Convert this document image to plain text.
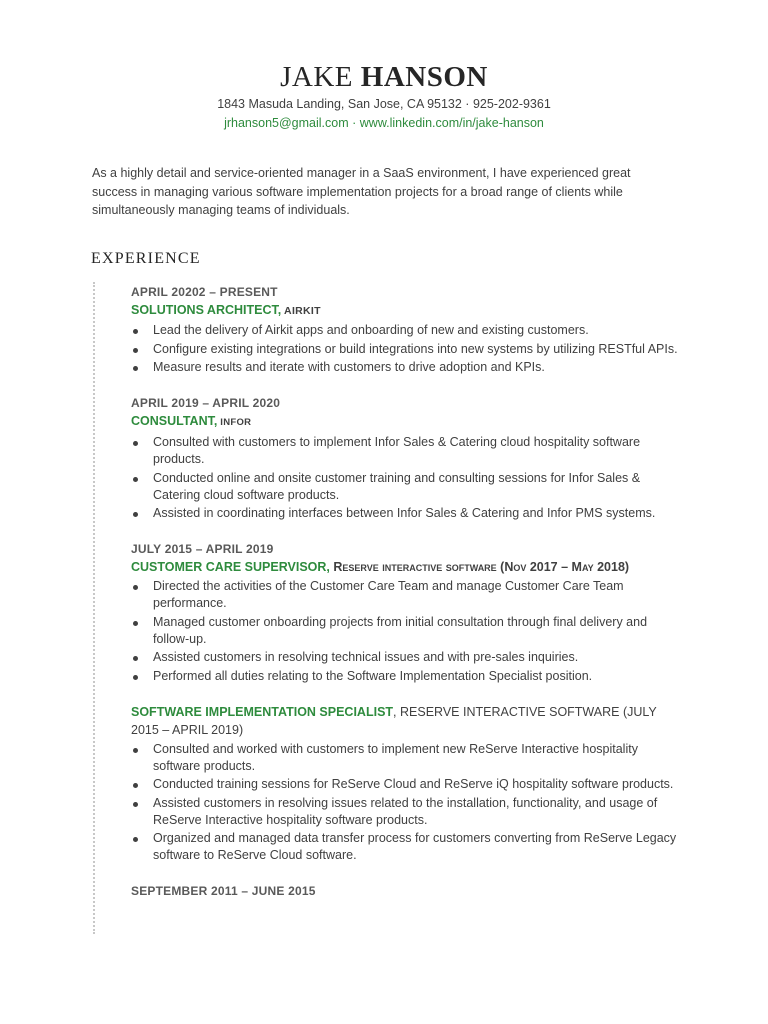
JAKE HANSON
1843 Masuda Landing, San Jose, CA 95132 · 925-202-9361
jrhanson5@gmail.com · www.linkedin.com/in/jake-hanson
As a highly detail and service-oriented manager in a SaaS environment, I have experienced great success in managing various software implementation projects for a broad range of clients while simultaneously managing teams of individuals.
EXPERIENCE
APRIL 20202 – PRESENT
SOLUTIONS ARCHITECT, AIRKIT
Lead the delivery of Airkit apps and onboarding of new and existing customers.
Configure existing integrations or build integrations into new systems by utilizing RESTful APIs.
Measure results and iterate with customers to drive adoption and KPIs.
APRIL 2019 – APRIL 2020
CONSULTANT, INFOR
Consulted with customers to implement Infor Sales & Catering cloud hospitality software products.
Conducted online and onsite customer training and consulting sessions for Infor Sales & Catering cloud software products.
Assisted in coordinating interfaces between Infor Sales & Catering and Infor PMS systems.
JULY 2015 – APRIL 2019
CUSTOMER CARE SUPERVISOR, Reserve interactive software (Nov 2017 – May 2018)
Directed the activities of the Customer Care Team and manage Customer Care Team performance.
Managed customer onboarding projects from initial consultation through final delivery and follow-up.
Assisted customers in resolving technical issues and with pre-sales inquiries.
Performed all duties relating to the Software Implementation Specialist position.
SOFTWARE IMPLEMENTATION SPECIALIST, RESERVE INTERACTIVE SOFTWARE (JULY 2015 – APRIL 2019)
Consulted and worked with customers to implement new ReServe Interactive hospitality software products.
Conducted training sessions for ReServe Cloud and ReServe iQ hospitality software products.
Assisted customers in resolving issues related to the installation, functionality, and usage of ReServe Interactive hospitality software products.
Organized and managed data transfer process for customers converting from ReServe Legacy software to ReServe Cloud software.
SEPTEMBER 2011 – JUNE 2015
